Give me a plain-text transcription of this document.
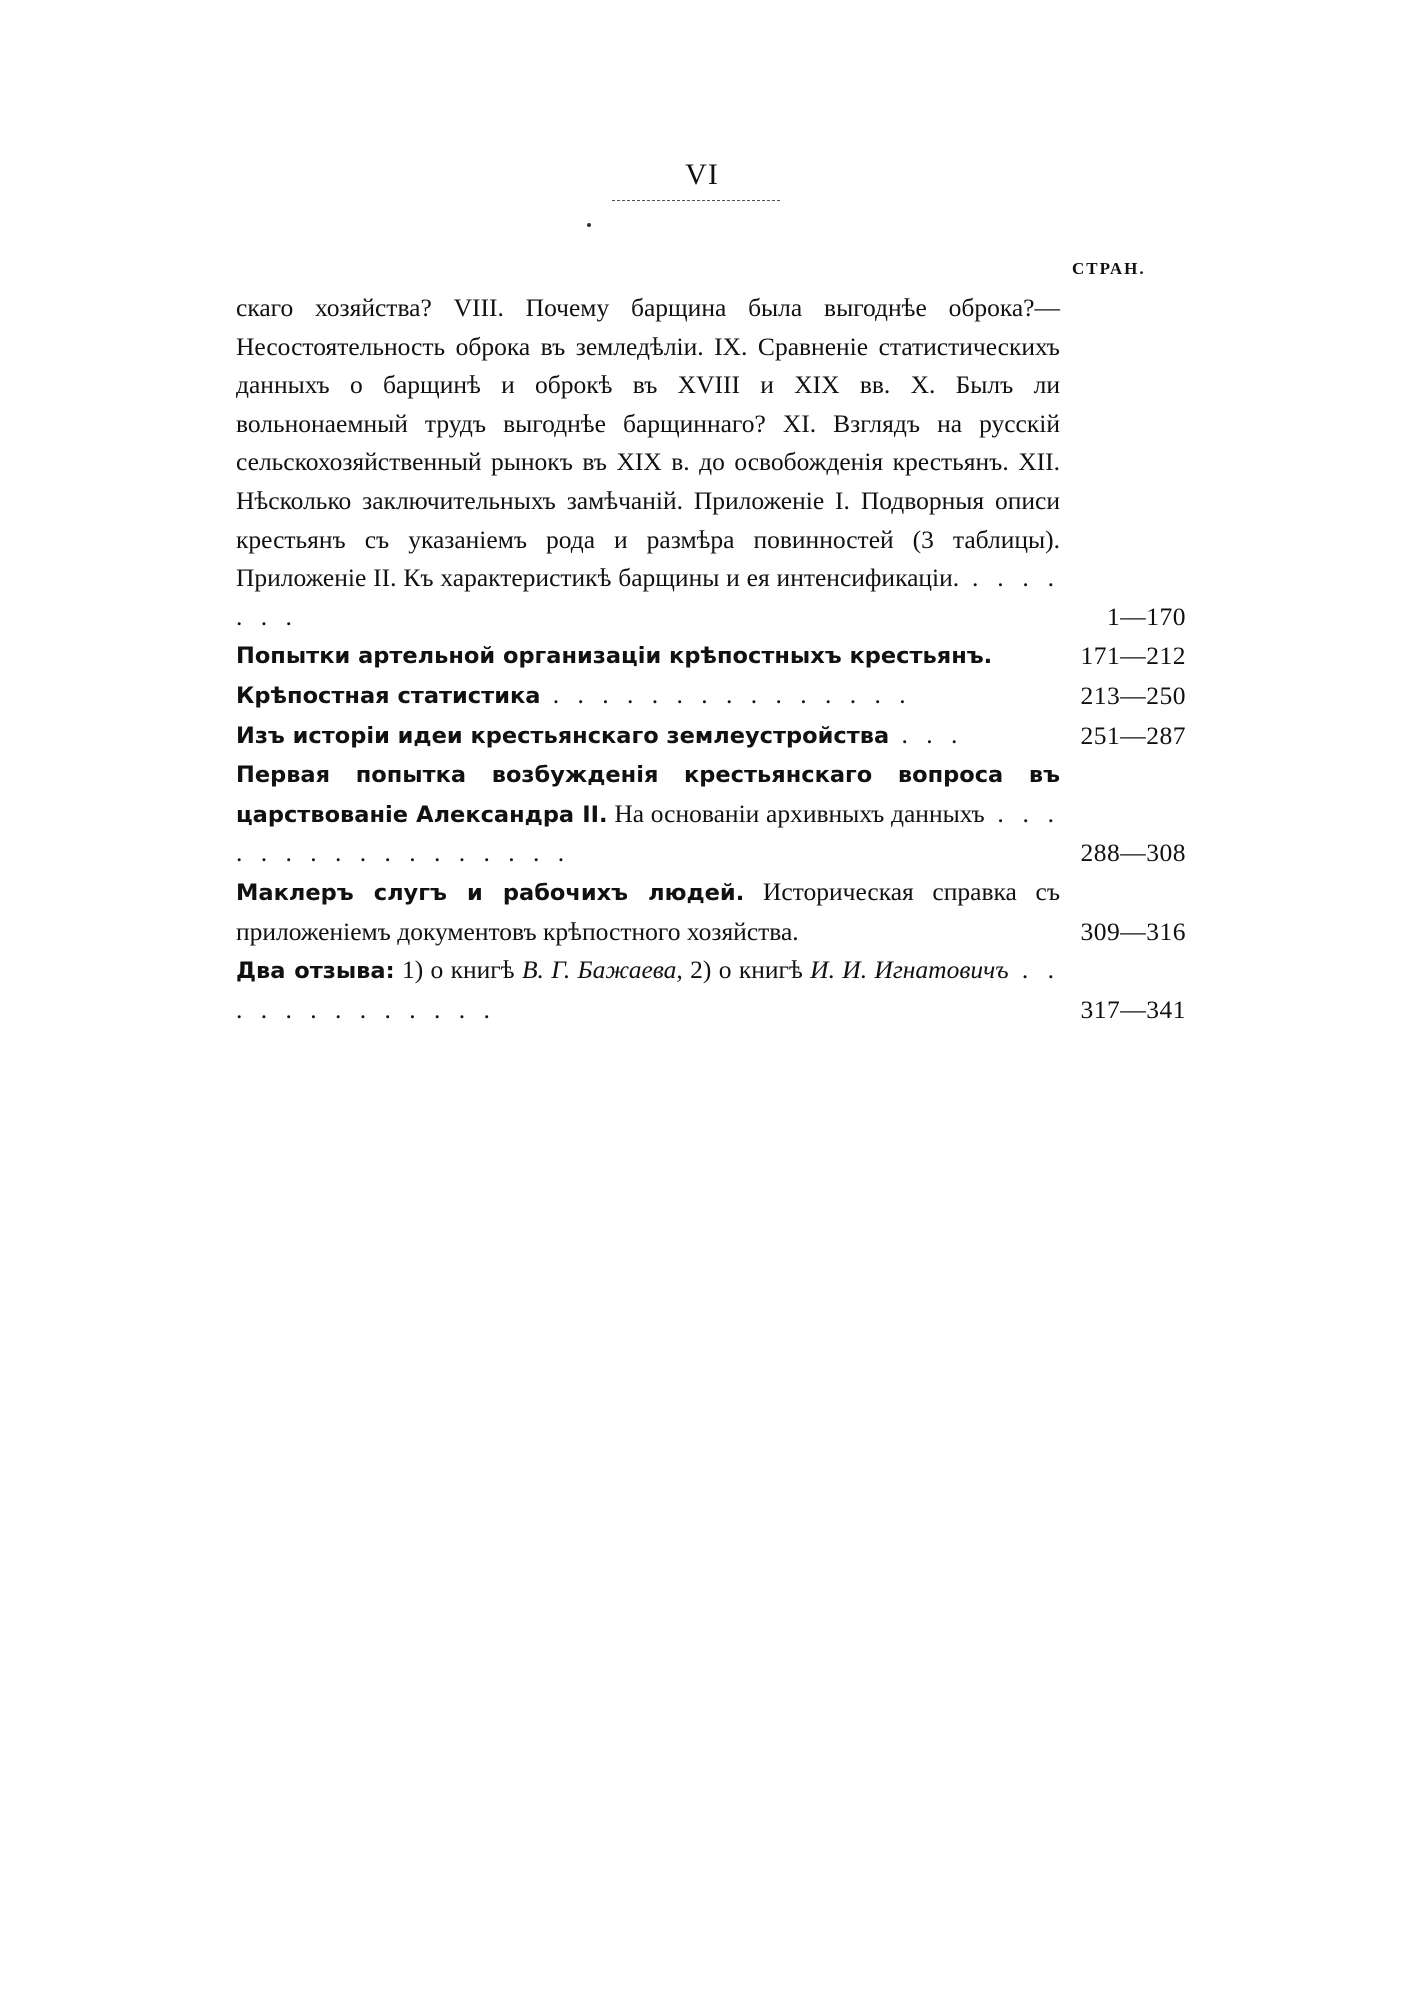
VI
СТРАН.
скаго хозяйства? VIII. Почему барщина была выгоднѣе оброка?—Несостоятельность оброка въ земледѣліи. IX. Сравненіе статистическихъ данныхъ о барщинѣ и оброкѣ въ XVIII и XIX вв. X. Былъ ли вольнонаемный трудъ выгоднѣе барщиннаго? XI. Взглядъ на русскій сельскохозяйственный рынокъ въ XIX в. до освобожденія крестьянъ. XII. Нѣсколько заключительныхъ замѣчаній. Приложеніе I. Подворныя описи крестьянъ съ указаніемъ рода и размѣра повинностей (3 таблицы). Приложеніе II. Къ характеристикѣ барщины и ея интенсификаціи. . . . . . . .	1—170
Попытки артельной организаціи крѣпостныхъ крестьянъ.	171—212
Крѣпостная статистика . . . . . . . . . . . . . . .	213—250
Изъ исторіи идеи крестьянскаго землеустройства . . .	251—287
Первая попытка возбужденія крестьянскаго вопроса въ царствованіе Александра II. На основаніи архивныхъ данныхъ . . . . . . . . . . . . . . . . .	288—308
Маклеръ слугъ и рабочихъ людей. Историческая справка съ приложеніемъ документовъ крѣпостного хозяйства.	309—316
Два отзыва: 1) о книгѣ В. Г. Бажаева, 2) о книгѣ И. И. Игнатовичъ . . . . . . . . . . . . .	317—341
